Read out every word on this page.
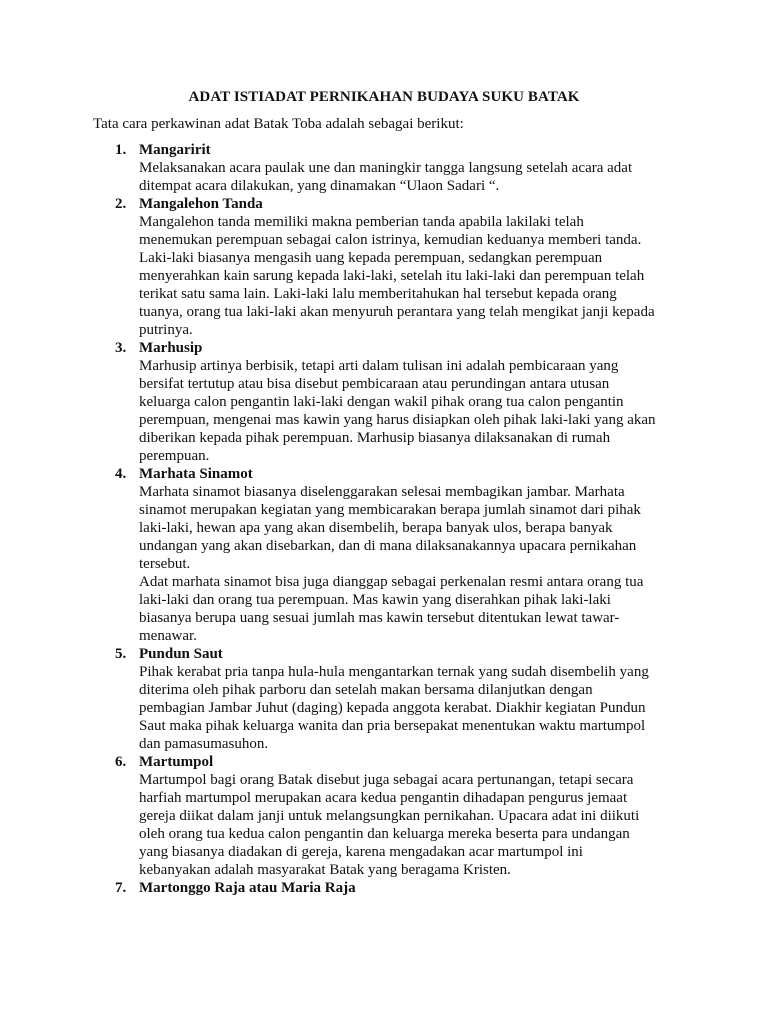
ADAT ISTIADAT PERNIKAHAN BUDAYA SUKU BATAK
Tata cara perkawinan adat Batak Toba adalah sebagai berikut:
1. Mangaririt
Melaksanakan acara paulak une dan maningkir tangga langsung setelah acara adat
ditempat acara dilakukan, yang dinamakan “Ulaon Sadari “.
2. Mangalehon Tanda
Mangalehon tanda memiliki makna pemberian tanda apabila lakilaki telah
menemukan perempuan sebagai calon istrinya, kemudian keduanya memberi tanda.
Laki-laki biasanya mengasih uang kepada perempuan, sedangkan perempuan
menyerahkan kain sarung kepada laki-laki, setelah itu laki-laki dan perempuan telah
terikat satu sama lain. Laki-laki lalu memberitahukan hal tersebut kepada orang
tuanya, orang tua laki-laki akan menyuruh perantara yang telah mengikat janji kepada
putrinya.
3. Marhusip
Marhusip artinya berbisik, tetapi arti dalam tulisan ini adalah pembicaraan yang
bersifat tertutup atau bisa disebut pembicaraan atau perundingan antara utusan
keluarga calon pengantin laki-laki dengan wakil pihak orang tua calon pengantin
perempuan, mengenai mas kawin yang harus disiapkan oleh pihak laki-laki yang akan
diberikan kepada pihak perempuan. Marhusip biasanya dilaksanakan di rumah
perempuan.
4. Marhata Sinamot
Marhata sinamot biasanya diselenggarakan selesai membagikan jambar. Marhata
sinamot merupakan kegiatan yang membicarakan berapa jumlah sinamot dari pihak
laki-laki, hewan apa yang akan disembelih, berapa banyak ulos, berapa banyak
undangan yang akan disebarkan, dan di mana dilaksanakannya upacara pernikahan
tersebut.
Adat marhata sinamot bisa juga dianggap sebagai perkenalan resmi antara orang tua
laki-laki dan orang tua perempuan. Mas kawin yang diserahkan pihak laki-laki
biasanya berupa uang sesuai jumlah mas kawin tersebut ditentukan lewat tawar-
menawar.
5. Pundun Saut
Pihak kerabat pria tanpa hula-hula mengantarkan ternak yang sudah disembelih yang
diterima oleh pihak parboru dan setelah makan bersama dilanjutkan dengan
pembagian Jambar Juhut (daging) kepada anggota kerabat. Diakhir kegiatan Pundun
Saut maka pihak keluarga wanita dan pria bersepakat menentukan waktu martumpol
dan pamasumasuhon.
6. Martumpol
Martumpol bagi orang Batak disebut juga sebagai acara pertunangan, tetapi secara
harfiah martumpol merupakan acara kedua pengantin dihadapan pengurus jemaat
gereja diikat dalam janji untuk melangsungkan pernikahan. Upacara adat ini diikuti
oleh orang tua kedua calon pengantin dan keluarga mereka beserta para undangan
yang biasanya diadakan di gereja, karena mengadakan acar martumpol ini
kebanyakan adalah masyarakat Batak yang beragama Kristen.
7. Martonggo Raja atau Maria Raja
